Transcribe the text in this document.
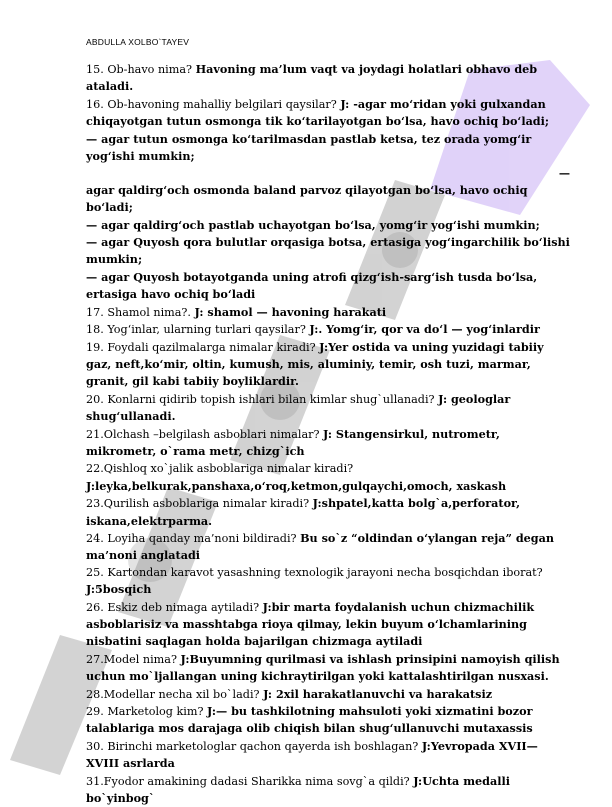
ABDULLA XOLBO`TAYEV

15. Ob-havo nima? Havoning ma’lum vaqt va joydagi holatlari obhavo deb ataladi.

16. Ob-havoning mahalliy belgilari qaysilar? J: -agar mo‘ridan yoki gulxandan chiqayotgan tutun osmonga tik ko‘tarilayotgan bo‘lsa, havo ochiq bo‘ladi;

— agar tutun osmonga ko‘tarilmasdan pastlab ketsa, tez orada yomg‘ir yog‘ishi mumkin;

—

agar qaldirg‘och osmonda baland parvoz qilayotgan bo‘lsa, havo ochiq bo‘ladi;

— agar qaldirg‘och pastlab uchayotgan bo‘lsa, yomg‘ir yog‘ishi mumkin;

— agar Quyosh qora bulutlar orqasiga botsa, ertasiga yog‘ingarchilik bo‘lishi mumkin;

— agar Quyosh botayotganda uning atrofi qizg‘ish-sarg‘ish tusda bo‘lsa, ertasiga havo ochiq bo‘ladi

17. Shamol nima?. J: shamol — havoning harakati

18. Yog‘inlar, ularning turlari qaysilar? J:. Yomg‘ir, qor va do‘l — yog‘inlardir

19. Foydali qazilmalarga nimalar kiradi? J:Yer ostida va uning yuzidagi tabiiy gaz, neft,ko‘mir, oltin, kumush, mis, aluminiy, temir, osh tuzi, marmar, granit, gil kabi tabiiy boyliklardir.

20. Konlarni qidirib topish ishlari bilan kimlar shug`ullanadi? J: geologlar shug‘ullanadi.

21.Olchash –belgilash asboblari nimalar? J: Stangensirkul, nutrometr, mikrometr, o`rama metr, chizg`ich

22.Qishloq xo`jalik asboblariga nimalar kiradi?

J:leyka,belkurak,panshaxa,o‘roq,ketmon,gulqaychi,omoch, xaskash

23.Qurilish asboblariga nimalar kiradi? J:shpatel,katta bolg`a,perforator, iskana,elektrparma.

24. Loyiha qanday ma’noni bildiradi? Bu so`z “oldindan o‘ylangan reja” degan ma’noni anglatadi

25. Kartondan karavot yasashning texnologik jarayoni necha bosqichdan iborat? J:5bosqich

26. Eskiz deb nimaga aytiladi? J:bir marta foydalanish uchun chizmachilik asboblarisiz va masshtabga rioya qilmay, lekin buyum o‘lchamlarining nisbatini saqlagan holda bajarilgan chizmaga aytiladi

27.Model nima? J:Buyumning qurilmasi va ishlash prinsipini namoyish qilish uchun mo`ljallangan uning kichraytirilgan yoki kattalashtirilgan nusxasi.

28.Modellar necha xil bo`ladi? J: 2xil harakatlanuvchi va harakatsiz

29. Marketolog kim? J:— bu tashkilotning mahsuloti yoki xizmatini bozor talablariga mos darajaga olib chiqish bilan shug‘ullanuvchi mutaxassis

30. Birinchi marketologlar qachon qayerda ish boshlagan? J:Yevropada XVII— XVIII asrlarda

31.Fyodor amakining dadasi Sharikka nima sovg`a qildi? J:Uchta medalli bo`yinbog`
